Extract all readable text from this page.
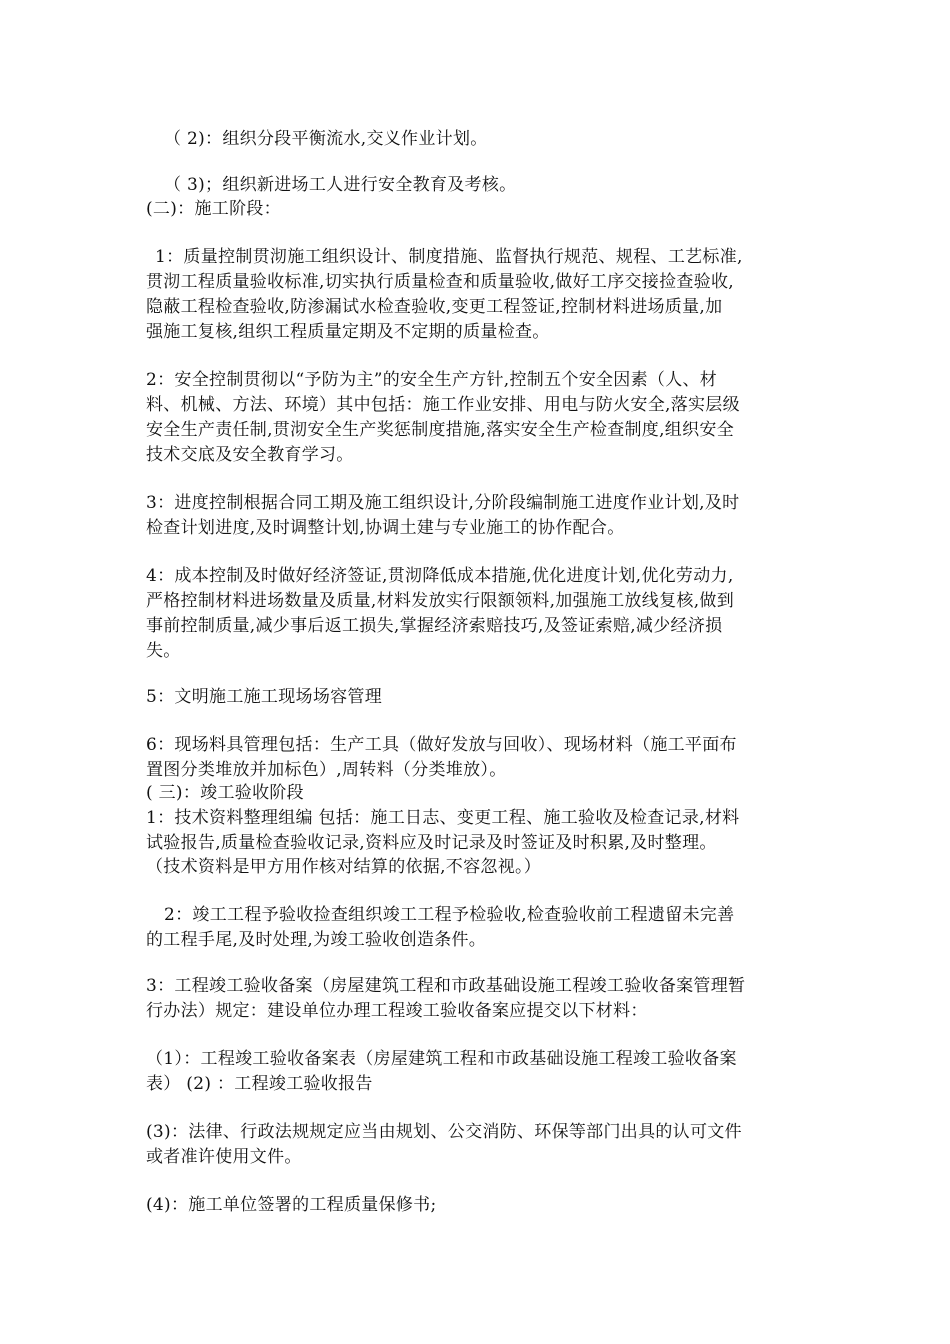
（ 2)：组织分段平衡流水,交义作业计划。
（ 3)；组织新进场工人进行安全教育及考核。
(二)：施工阶段：
1：质量控制贯沏施工组织设计、制度措施、监督执行规范、规程、工艺标准,
贯沏工程质量验收标准,切实执行质量检查和质量验收,做好工序交接捡查验收,
隐蔽工程检查验收,防渗漏试水检查验收,变更工程签证,控制材料进场质量,加
强施工复核,组织工程质量定期及不定期的质量检查。
2：安全控制贯彻以“予防为主”的安全生产方针,控制五个安全因素（人、材
料、机械、方法、环境）其中包括：施工作业安排、用电与防火安全,落实层级
安全生产责任制,贯沏安全生产奖惩制度措施,落实安全生产检查制度,组织安全
技术交底及安全教育学习。
3：进度控制根据合同工期及施工组织设计,分阶段编制施工进度作业计划,及时
检查计划进度,及时调整计划,协调土建与专业施工的协作配合。
4：成本控制及时做好经济签证,贯沏降低成本措施,优化进度计划,优化劳动力,
严格控制材料进场数量及质量,材料发放实行限额领料,加强施工放线复核,做到
事前控制质量,减少事后返工损失,掌握经济索赔技巧,及签证索赔,减少经济损
失。
5：文明施工施工现场场容管理
6：现场料具管理包括：生产工具（做好发放与回收）、现场材料（施工平面布
置图分类堆放并加标色）,周转料（分类堆放）。
( 三)：竣工验收阶段
1：技术资料整理组编 包括：施工日志、变更工程、施工验收及检查记录,材料
试验报告,质量检查验收记录,资料应及时记录及时签证及时积累,及时整理。
（技术资料是甲方用作核对结算的依据,不容忽视。）
2：竣工工程予验收捡查组织竣工工程予检验收,检查验收前工程遗留未完善
的工程手尾,及时处理,为竣工验收创造条件。
3：工程竣工验收备案（房屋建筑工程和市政基础设施工程竣工验收备案管理暂
行办法）规定：建设单位办理工程竣工验收备案应提交以下材料：
（1）：工程竣工验收备案表（房屋建筑工程和市政基础设施工程竣工验收备案
表） (2) ：工程竣工验收报告
(3)：法律、行政法规规定应当由规划、公交消防、环保等部门出具的认可文件
或者准许使用文件。
(4)：施工单位签署的工程质量保修书;
